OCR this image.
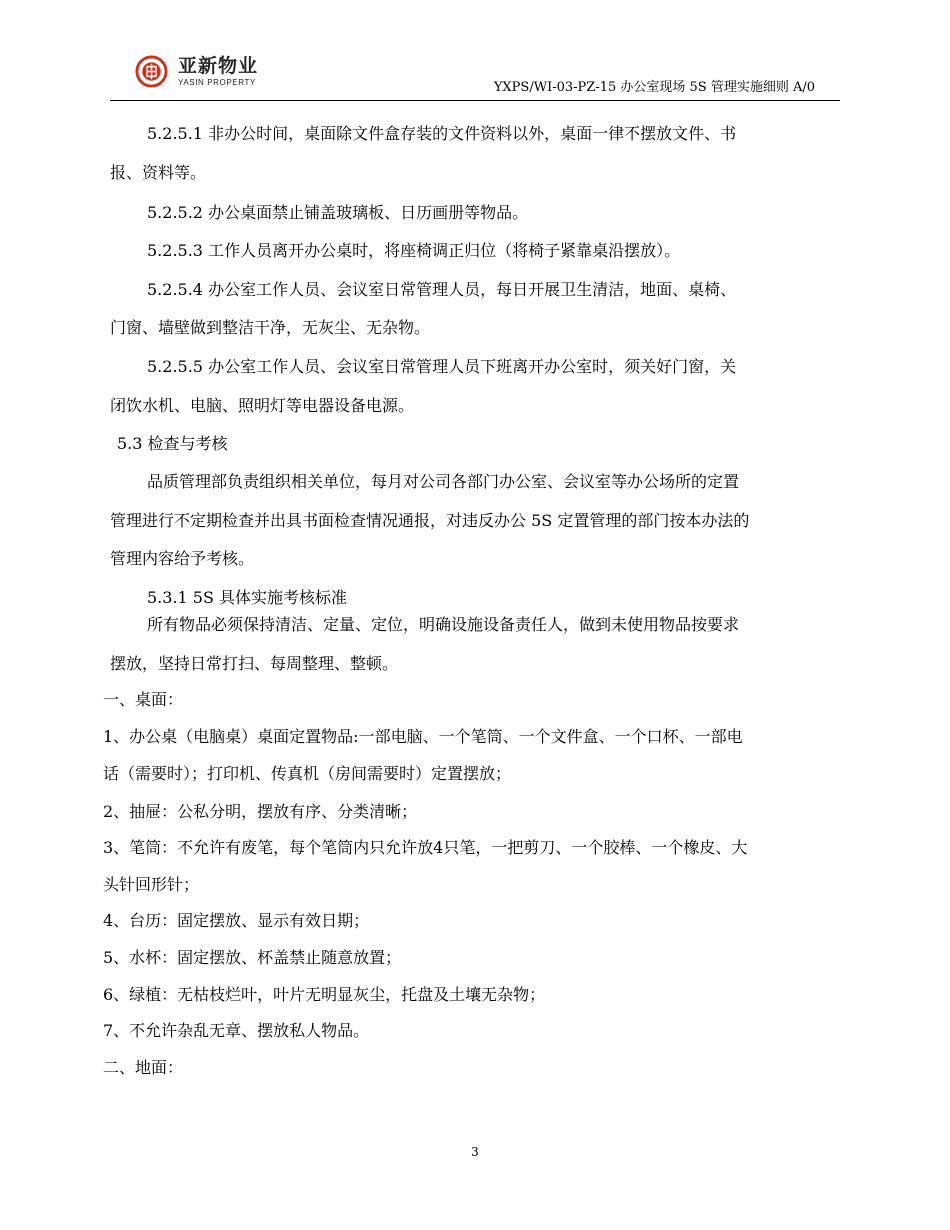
亚新物业
YASIN PROPERTY	YXPS/WI-03-PZ-15 办公室现场 5S 管理实施细则 A/0
5.2.5.1 非办公时间，桌面除文件盒存装的文件资料以外，桌面一律不摆放文件、书
报、资料等。
5.2.5.2 办公桌面禁止铺盖玻璃板、日历画册等物品。
5.2.5.3 工作人员离开办公桌时，将座椅调正归位（将椅子紧靠桌沿摆放）。
5.2.5.4 办公室工作人员、会议室日常管理人员，每日开展卫生清洁，地面、桌椅、
门窗、墙壁做到整洁干净，无灰尘、无杂物。
5.2.5.5 办公室工作人员、会议室日常管理人员下班离开办公室时，须关好门窗，关
闭饮水机、电脑、照明灯等电器设备电源。
5.3 检查与考核
品质管理部负责组织相关单位，每月对公司各部门办公室、会议室等办公场所的定置
管理进行不定期检查并出具书面检查情况通报，对违反办公 5S 定置管理的部门按本办法的
管理内容给予考核。
5.3.1 5S 具体实施考核标准
所有物品必须保持清洁、定量、定位，明确设施设备责任人，做到未使用物品按要求
摆放，坚持日常打扫、每周整理、整顿。
一、桌面：
1、办公桌（电脑桌）桌面定置物品:一部电脑、一个笔筒、一个文件盒、一个口杯、一部电
话（需要时）；打印机、传真机（房间需要时）定置摆放；
2、抽屉：公私分明，摆放有序、分类清晰；
3、笔筒：不允许有废笔，每个笔筒内只允许放4只笔，一把剪刀、一个胶棒、一个橡皮、大
头针回形针；
4、台历：固定摆放、显示有效日期；
5、水杯：固定摆放、杯盖禁止随意放置；
6、绿植：无枯枝烂叶，叶片无明显灰尘，托盘及土壤无杂物；
7、不允许杂乱无章、摆放私人物品。
二、地面：
3
